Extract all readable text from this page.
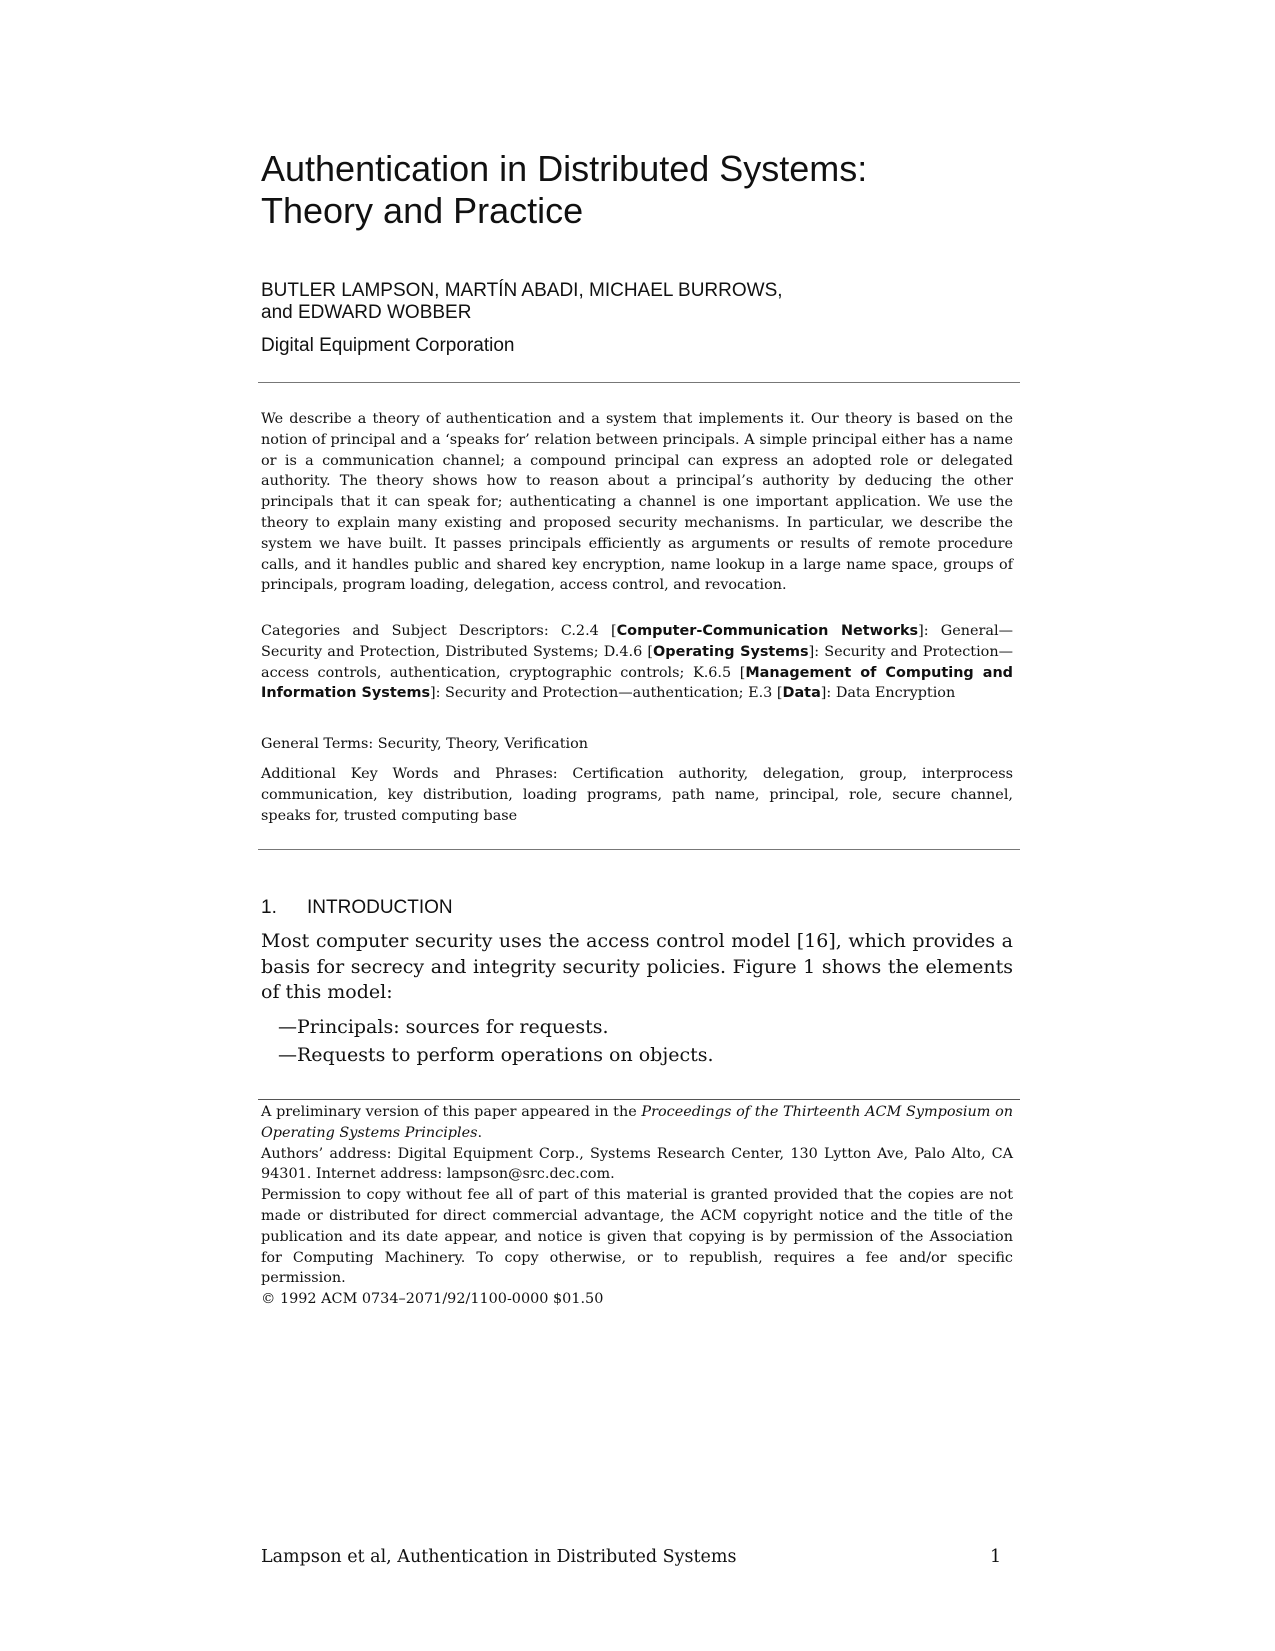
Authentication in Distributed Systems:
Theory and Practice
BUTLER LAMPSON, MARTÍN ABADI, MICHAEL BURROWS,
and EDWARD WOBBER
Digital Equipment Corporation
We describe a theory of authentication and a system that implements it. Our theory is based on the notion of principal and a ‘speaks for’ relation between principals. A simple principal either has a name or is a communication channel; a compound principal can express an adopted role or delegated authority. The theory shows how to reason about a principal’s authority by deducing the other principals that it can speak for; authenticating a channel is one important application. We use the theory to explain many existing and proposed security mechanisms. In particular, we describe the system we have built. It passes principals efficiently as arguments or results of remote procedure calls, and it handles public and shared key encryption, name lookup in a large name space, groups of principals, program loading, delegation, access control, and revocation.
Categories and Subject Descriptors: C.2.4 [Computer-Communication Networks]: General—Security and Protection, Distributed Systems; D.4.6 [Operating Systems]: Security and Protection—access controls, authentication, cryptographic controls; K.6.5 [Management of Computing and Information Systems]: Security and Protection—authentication; E.3 [Data]: Data Encryption
General Terms: Security, Theory, Verification
Additional Key Words and Phrases: Certification authority, delegation, group, interprocess communication, key distribution, loading programs, path name, principal, role, secure channel, speaks for, trusted computing base
1. INTRODUCTION
Most computer security uses the access control model [16], which provides a basis for secrecy and integrity security policies. Figure 1 shows the elements of this model:
—Principals: sources for requests.
—Requests to perform operations on objects.

A preliminary version of this paper appeared in the Proceedings of the Thirteenth ACM Symposium on Operating Systems Principles.

Authors’ address: Digital Equipment Corp., Systems Research Center, 130 Lytton Ave, Palo Alto, CA 94301. Internet address: lampson@src.dec.com.

Permission to copy without fee all of part of this material is granted provided that the copies are not made or distributed for direct commercial advantage, the ACM copyright notice and the title of the publication and its date appear, and notice is given that copying is by permission of the Association for Computing Machinery. To copy otherwise, or to republish, requires a fee and/or specific permission.

© 1992 ACM 0734–2071/92/1100-0000 $01.50

Lampson et al, Authentication in Distributed Systems	1
